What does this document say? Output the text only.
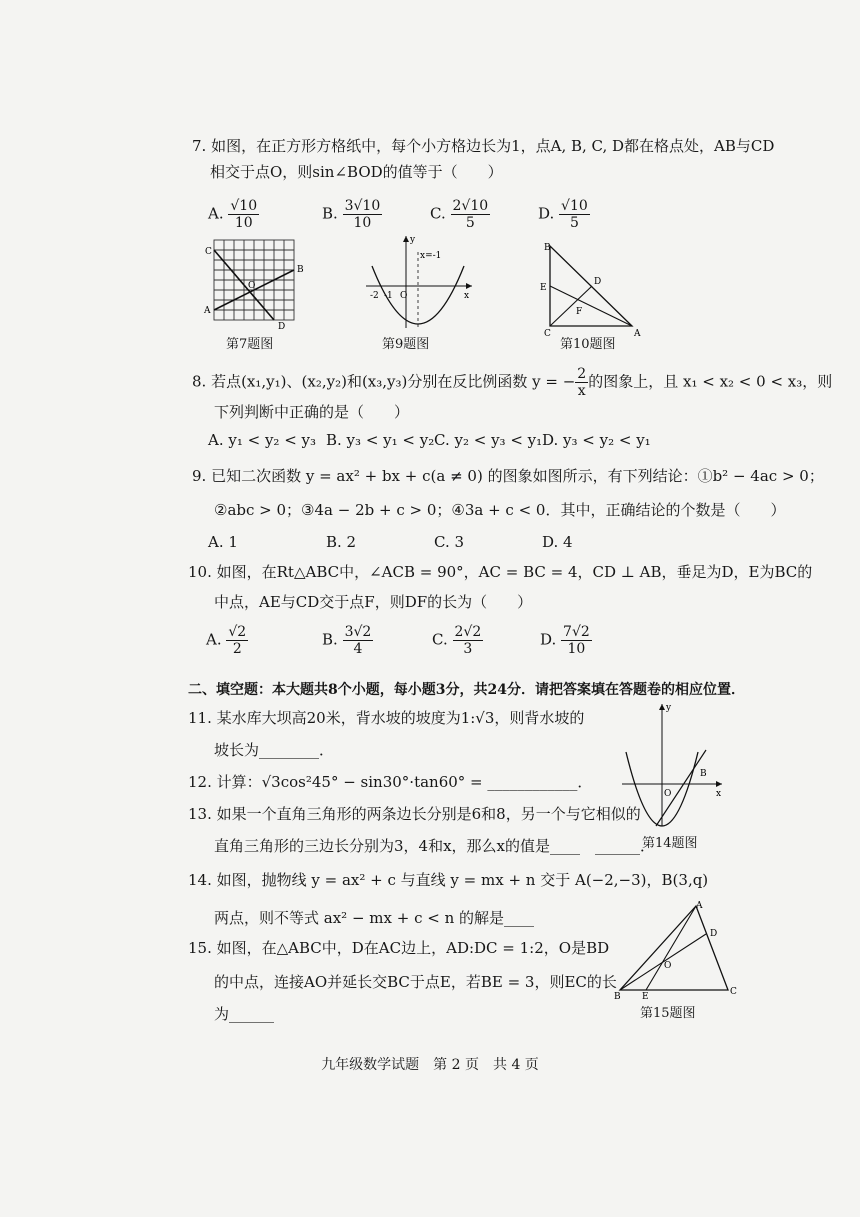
7. 如图，在正方形方格纸中，每个小方格边长为1，点A, B, C, D都在格点处，AB与CD
相交于点O，则sin∠BOD的值等于（　　）
A. $\frac{√10}{10}$	B. $\frac{3√10}{10}$	C. $\frac{2√10}{5}$	D. $\frac{√10}{5}$
A
B
C
D
O
第7题图
y
x
O
-2 -1
x=-1
第9题图
B
C	A
D
E
F
第10题图
8. 若点(x₁,y₁)、(x₂,y₂)和(x₃,y₃)分别在反比例函数 y = − $\frac{2}{x}$ 的图象上，且 x₁ < x₂ < 0 < x₃，则
下列判断中正确的是（　　）
A. y₁ < y₂ < y₃ B. y₃ < y₁ < y₂ C. y₂ < y₃ < y₁ D. y₃ < y₂ < y₁
9. 已知二次函数 y = ax² + bx + c(a ≠ 0) 的图象如图所示，有下列结论：①b² − 4ac > 0；
②abc > 0；③4a − 2b + c > 0；④3a + c < 0．其中，正确结论的个数是（　　）
A. 1	B. 2	C. 3	D. 4
10. 如图，在Rt△ABC中，∠ACB = 90°，AC = BC = 4，CD ⊥ AB，垂足为D，E为BC的
中点，AE与CD交于点F，则DF的长为（　　）
A. $\frac{√2}{2}$	B. $\frac{3√2}{4}$	C. $\frac{2√2}{3}$	D. $\frac{7√2}{10}$
二、填空题：本大题共8个小题，每小题3分，共24分．请把答案填在答题卷的相应位置．
11. 某水库大坝高20米，背水坡的坡度为1:√3，则背水坡的
坡长为________．
y
x
O
B
第14题图
12. 计算：√3cos²45° − sin30°·tan60° = ____________．
13. 如果一个直角三角形的两条边长分别是6和8，另一个与它相似的
直角三角形的三边长分别为3，4和x，那么x的值是____　______．
14. 如图，抛物线 y = ax² + c 与直线 y = mx + n 交于 A(−2,−3)，B(3,q)
两点，则不等式 ax² − mx + c < n 的解是____
A
B	C
D
E
O
第15题图
15. 如图，在△ABC中，D在AC边上，AD:DC = 1:2，O是BD
的中点，连接AO并延长交BC于点E，若BE = 3，则EC的长
为______
九年级数学试题　第 2 页　共 4 页
